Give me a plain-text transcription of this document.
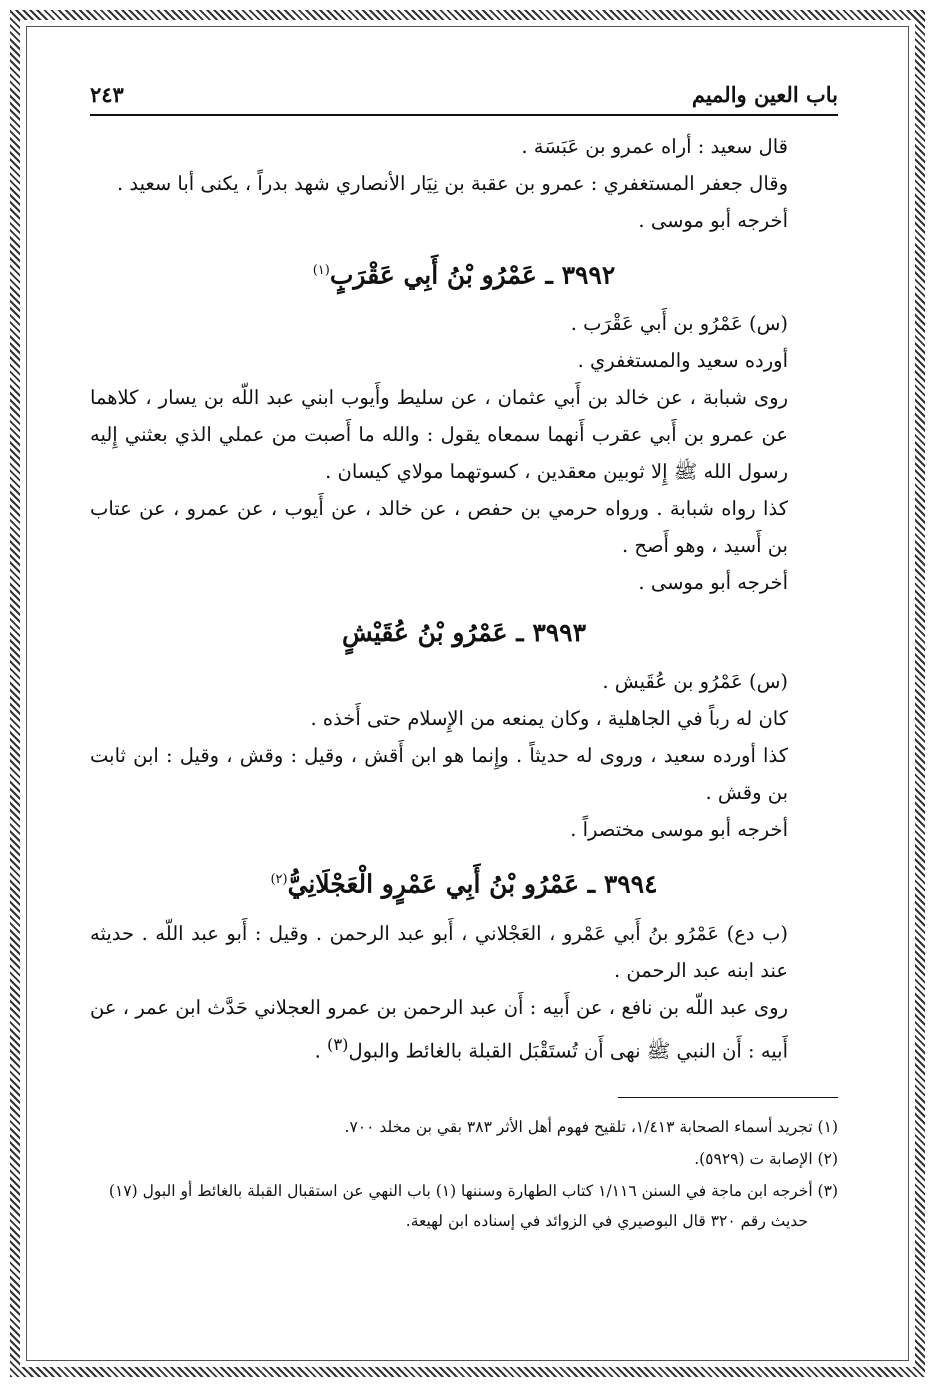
باب العين والميم
٢٤٣

قال سعيد : أراه عمرو بن عَبَسَة .

وقال جعفر المستغفري : عمرو بن عقبة بن نِيَار الأنصاري شهد بدراً ، يكنى أبا سعيد .

أخرجه أبو موسى .

٣٩٩٢ ـ عَمْرُو بْنُ أَبِي عَقْرَبٍ$^{(١)}$

(س) عَمْرُو بن أَبي عَقْرَب .

أورده سعيد والمستغفري .

روى شبابة ، عن خالد بن أَبي عثمان ، عن سليط وأَيوب ابني عبد اللّه بن يسار ، كلاهما عن عمرو بن أَبي عقرب أَنهما سمعاه يقول : والله ما أَصبت من عملي الذي بعثني إِليه رسول الله ﷺ إِلا ثوبين معقدين ، كسوتهما مولاي كيسان .

كذا رواه شبابة . ورواه حرمي بن حفص ، عن خالد ، عن أَيوب ، عن عمرو ، عن عتاب بن أَسيد ، وهو أَصح .

أخرجه أبو موسى .

٣٩٩٣ ـ عَمْرُو بْنُ عُقَيْشٍ

(س) عَمْرُو بن عُقَيش .

كان له رباً في الجاهلية ، وكان يمنعه من الإِسلام حتى أَخذه .

كذا أورده سعيد ، وروى له حديثاً . وإِنما هو ابن أَقش ، وقيل : وقش ، وقيل : ابن ثابت بن وقش .

أخرجه أبو موسى مختصراً .

٣٩٩٤ ـ عَمْرُو بْنُ أَبِي عَمْرٍو الْعَجْلَانِيُّ$^{(٢)}$

(ب دع) عَمْرُو بنُ أَبي عَمْرو ، العَجْلاني ، أَبو عبد الرحمن . وقيل : أَبو عبد اللّه . حديثه عند ابنه عبد الرحمن .

روى عبد اللّه بن نافع ، عن أَبيه : أَن عبد الرحمن بن عمرو العجلاني حَدَّث ابن عمر ، عن أَبيه : أَن النبي ﷺ نهى أَن تُستَقْبَل القبلة بالغائط والبول$^{(٣)}$ .

(١) تجريد أسماء الصحابة ١/٤١٣، تلقيح فهوم أهل الأثر ٣٨٣ بقي بن مخلد ٧٠٠.

(٢) الإصابة ت (٥٩٢٩).

(٣) أخرجه ابن ماجة في السنن ١/١١٦ كتاب الطهارة وسننها (١) باب النهي عن استقبال القبلة بالغائط أو البول (١٧) حديث رقم ٣٢٠ قال البوصيري في الزوائد في إسناده ابن لهيعة.
